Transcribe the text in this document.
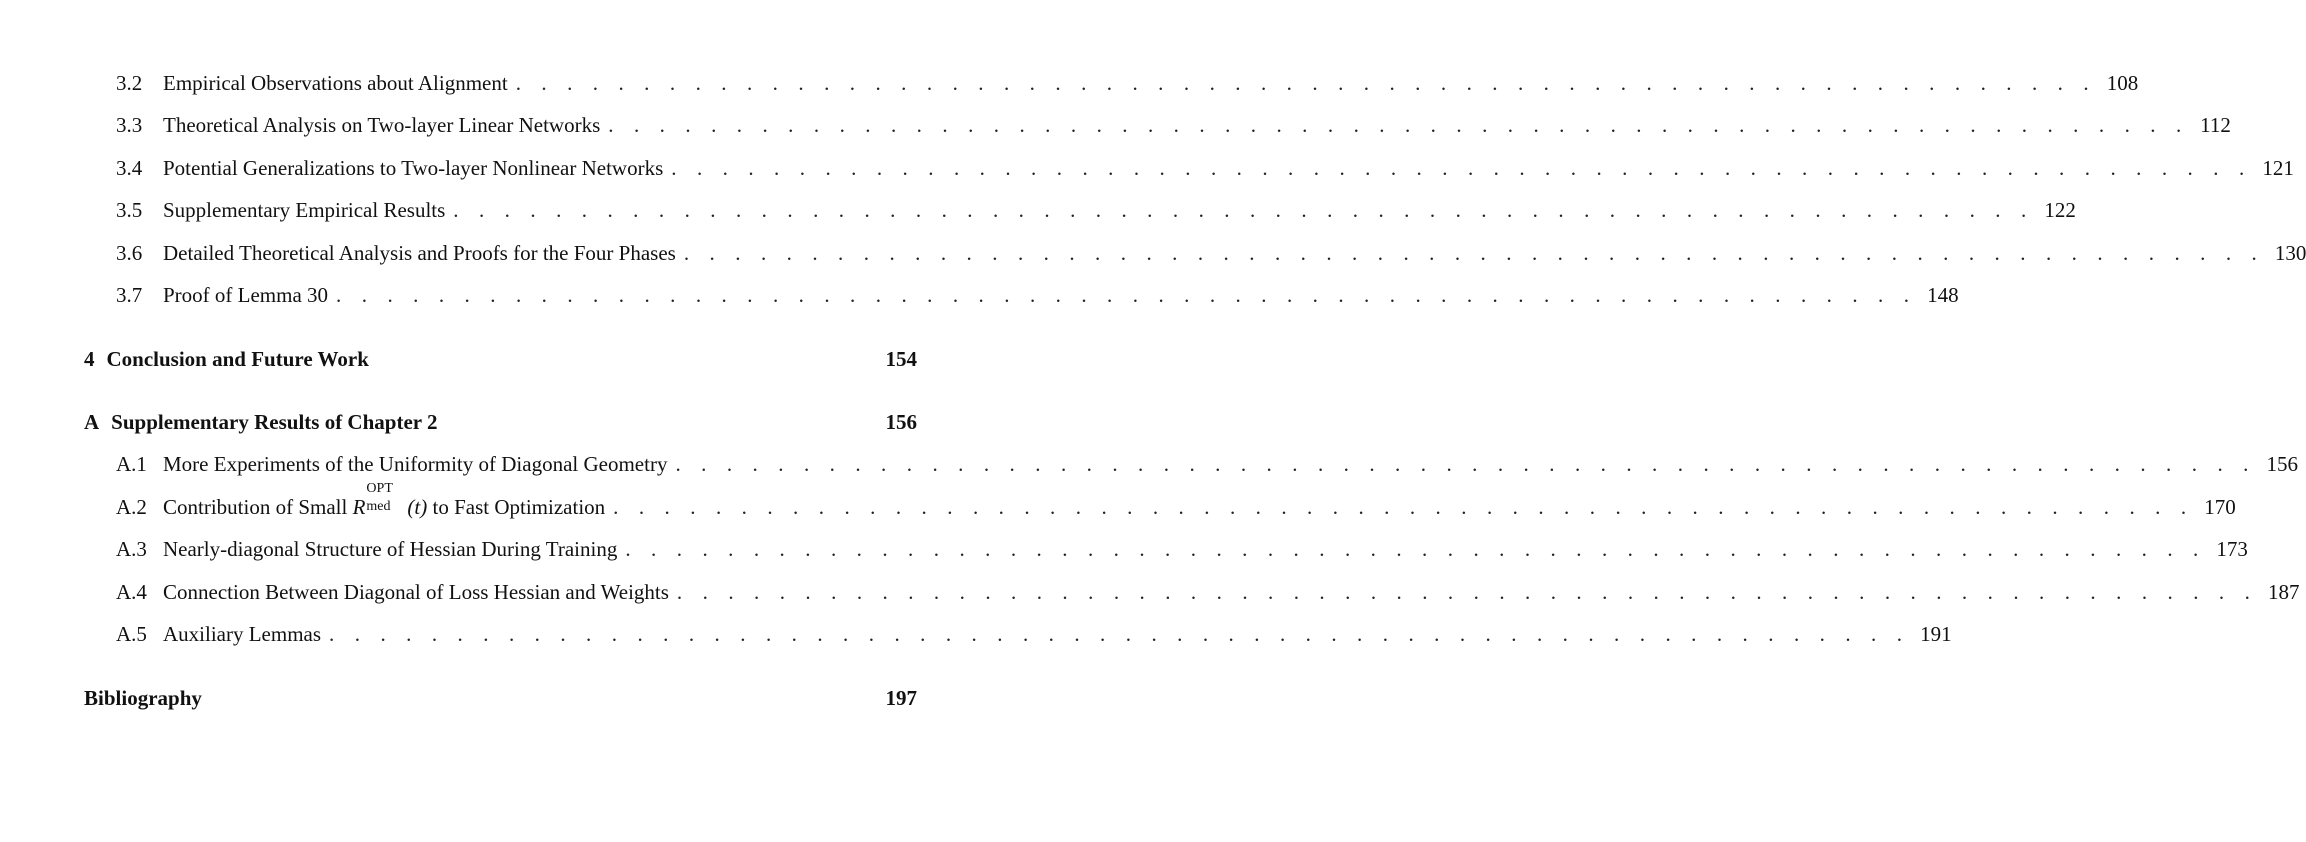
3.2 Empirical Observations about Alignment . . . . . . . . . . . . . . . . . . . . . . . . . . . . . . . . . . . . . . . . . . . . . . . . . . . . . . . . . . . . . . 108
3.3 Theoretical Analysis on Two-layer Linear Networks . . . . . . . . . . . . . . . . . . . . . . . . . . . . . . . . . . . . . . . . . . . . . . . . . . . . . . . . . . . . . . 112
3.4 Potential Generalizations to Two-layer Nonlinear Networks . . . . . . . . . . . . . . . . . . . . . . . . . . . . . . . . . . . . . . . . . . . . . . . . . . . . . . . . . . . . . . 121
3.5 Supplementary Empirical Results . . . . . . . . . . . . . . . . . . . . . . . . . . . . . . . . . . . . . . . . . . . . . . . . . . . . . . . . . . . . . . 122
3.6 Detailed Theoretical Analysis and Proofs for the Four Phases . . . . . . . . . . . . . . . . . . . . . . . . . . . . . . . . . . . . . . . . . . . . . . . . . . . . . . . . . . . . . . 130
3.7 Proof of Lemma 30 . . . . . . . . . . . . . . . . . . . . . . . . . . . . . . . . . . . . . . . . . . . . . . . . . . . . . . . . . . . . . . 148
4 Conclusion and Future Work	154
A Supplementary Results of Chapter 2	156
A.1 More Experiments of the Uniformity of Diagonal Geometry . . . . . . . . . . . . . . . . . . . . . . . . . . . . . . . . . . . . . . . . . . . . . . . . . . . . . . . . . . . . . . 156
A.2 Contribution of Small R
OPT
med (t) to Fast Optimization . . . . . . . . . . . . . . . . . . . . . . . . . . . . . . . . . . . . . . . . . . . . . . . . . . . . . . . . . . . . . . 170
A.3 Nearly-diagonal Structure of Hessian During Training . . . . . . . . . . . . . . . . . . . . . . . . . . . . . . . . . . . . . . . . . . . . . . . . . . . . . . . . . . . . . . 173
A.4 Connection Between Diagonal of Loss Hessian and Weights . . . . . . . . . . . . . . . . . . . . . . . . . . . . . . . . . . . . . . . . . . . . . . . . . . . . . . . . . . . . . . 187
A.5 Auxiliary Lemmas . . . . . . . . . . . . . . . . . . . . . . . . . . . . . . . . . . . . . . . . . . . . . . . . . . . . . . . . . . . . . . 191
Bibliography	197
